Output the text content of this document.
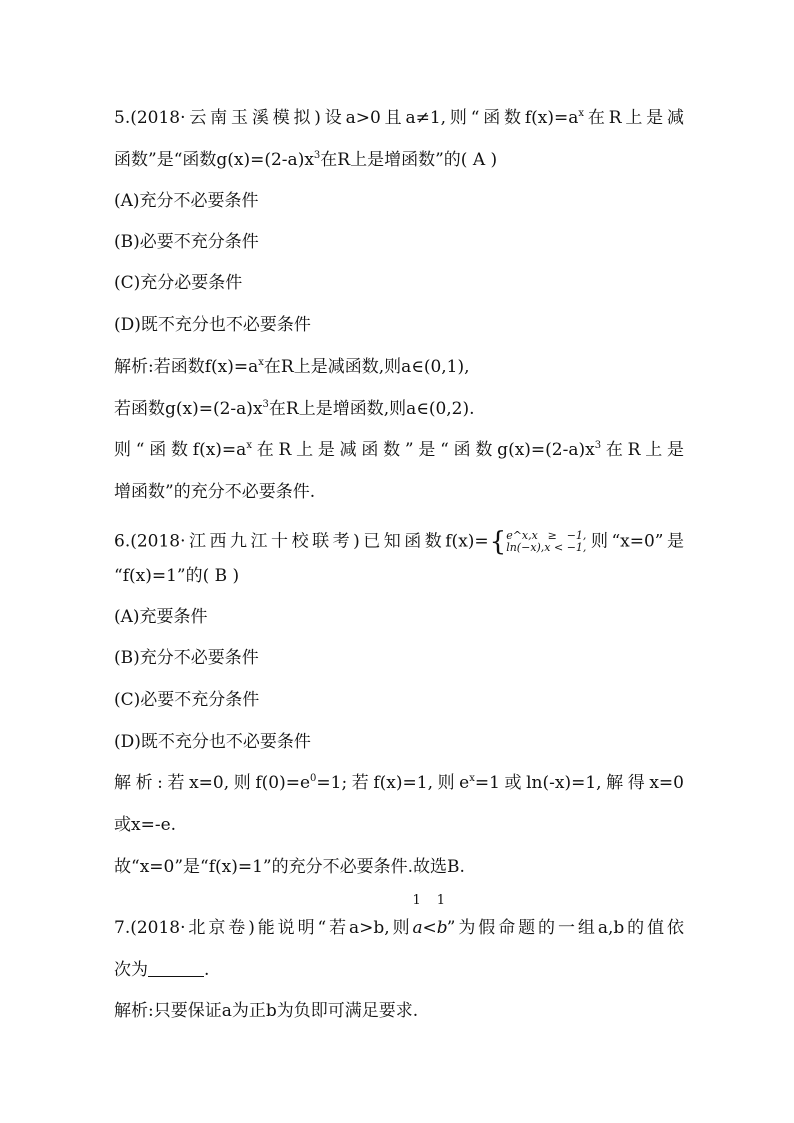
5.(2018·云南玉溪模拟)设a>0且a≠1,则“函数$f(x)=a^x$在R上是减
函数”是“函数$g(x)=(2-a)x^3$在R上是增函数”的( A )
(A)充分不必要条件
(B)必要不充分条件
(C)充分必要条件
(D)既不充分也不必要条件
解析:若函数$f(x)=a^x$在R上是减函数,则a∈(0,1),
若函数$g(x)=(2-a)x^3$在R上是增函数,则a∈(0,2).
则“函数$f(x)=a^x$在R上是减函数”是“函数$g(x)=(2-a)x^3$在R上是
增函数”的充分不必要条件.
6.(2018·江西九江十校联考)已知函数f(x)={e^x,x ≥ −1,
ln(−x),x < −1,则“x=0”是
“f(x)=1”的( B )
(A)充要条件
(B)充分不必要条件
(C)必要不充分条件
(D)既不充分也不必要条件
解析:若x=0,则$f(0)=e^0=1$;若f(x)=1,则$e^x=1$或ln(-x)=1,解得x=0
或x=-e.
故“x=0”是“f(x)=1”的充分不必要条件.故选B.
7.(2018·北京卷)能说明“若a>b,则
1
a<
1
b”为假命题的一组a,b的值依
次为	.
解析:只要保证a为正b为负即可满足要求.
